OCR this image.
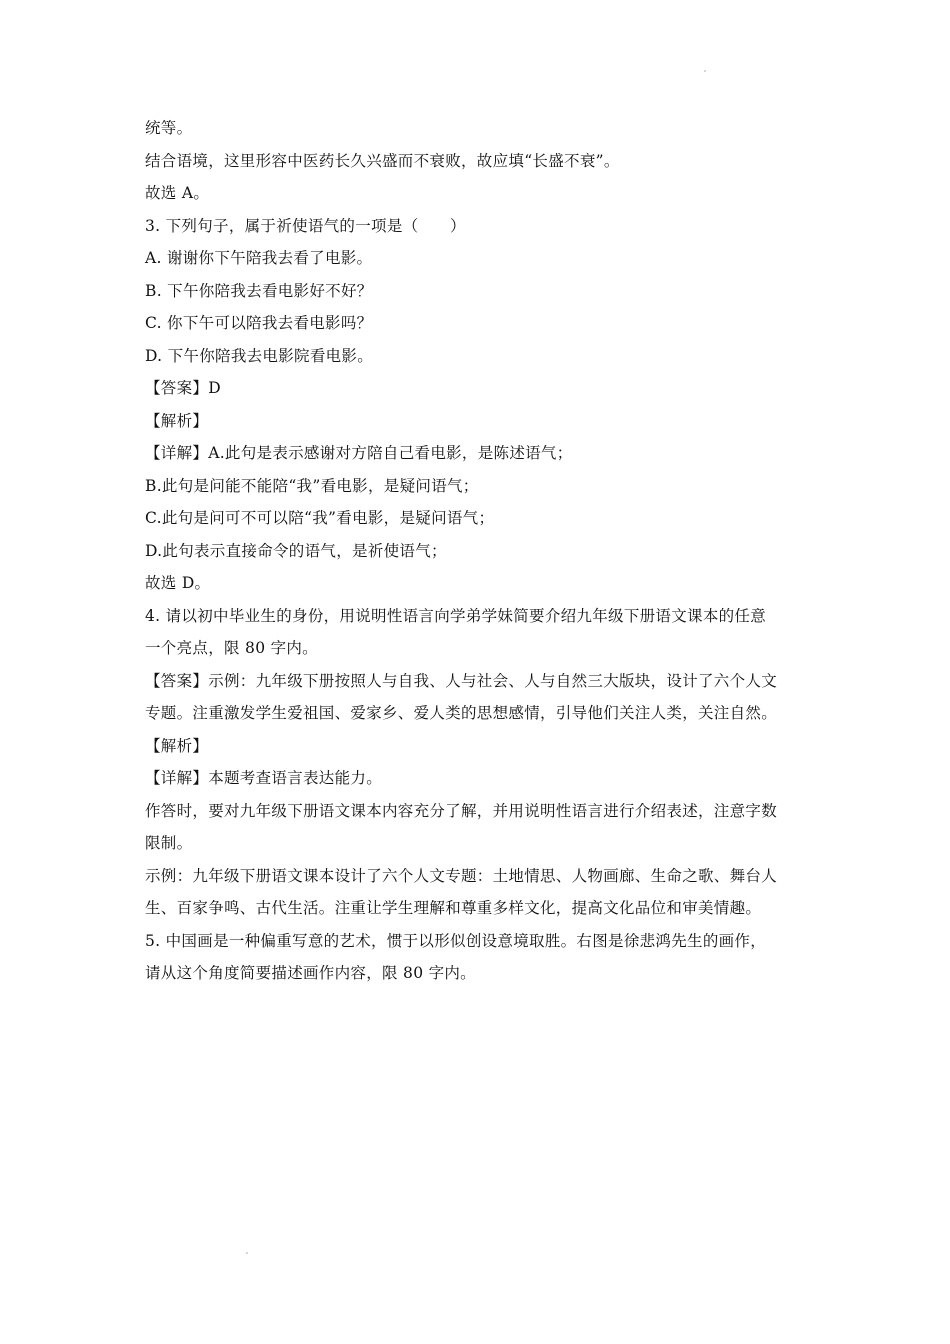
统等。
结合语境，这里形容中医药长久兴盛而不衰败，故应填“长盛不衰”。
故选 A。
3. 下列句子，属于祈使语气的一项是（　　）
A. 谢谢你下午陪我去看了电影。
B. 下午你陪我去看电影好不好？
C. 你下午可以陪我去看电影吗？
D. 下午你陪我去电影院看电影。
【答案】D
【解析】
【详解】A.此句是表示感谢对方陪自己看电影，是陈述语气；
B.此句是问能不能陪“我”看电影，是疑问语气；
C.此句是问可不可以陪“我”看电影，是疑问语气；
D.此句表示直接命令的语气，是祈使语气；
故选 D。
4. 请以初中毕业生的身份，用说明性语言向学弟学妹简要介绍九年级下册语文课本的任意
一个亮点，限 80 字内。
【答案】示例：九年级下册按照人与自我、人与社会、人与自然三大版块，设计了六个人文
专题。注重激发学生爱祖国、爱家乡、爱人类的思想感情，引导他们关注人类，关注自然。
【解析】
【详解】本题考查语言表达能力。
作答时，要对九年级下册语文课本内容充分了解，并用说明性语言进行介绍表述，注意字数
限制。
示例：九年级下册语文课本设计了六个人文专题：土地情思、人物画廊、生命之歌、舞台人
生、百家争鸣、古代生活。注重让学生理解和尊重多样文化，提高文化品位和审美情趣。
5. 中国画是一种偏重写意的艺术，惯于以形似创设意境取胜。右图是徐悲鸿先生的画作，
请从这个角度简要描述画作内容，限 80 字内。
